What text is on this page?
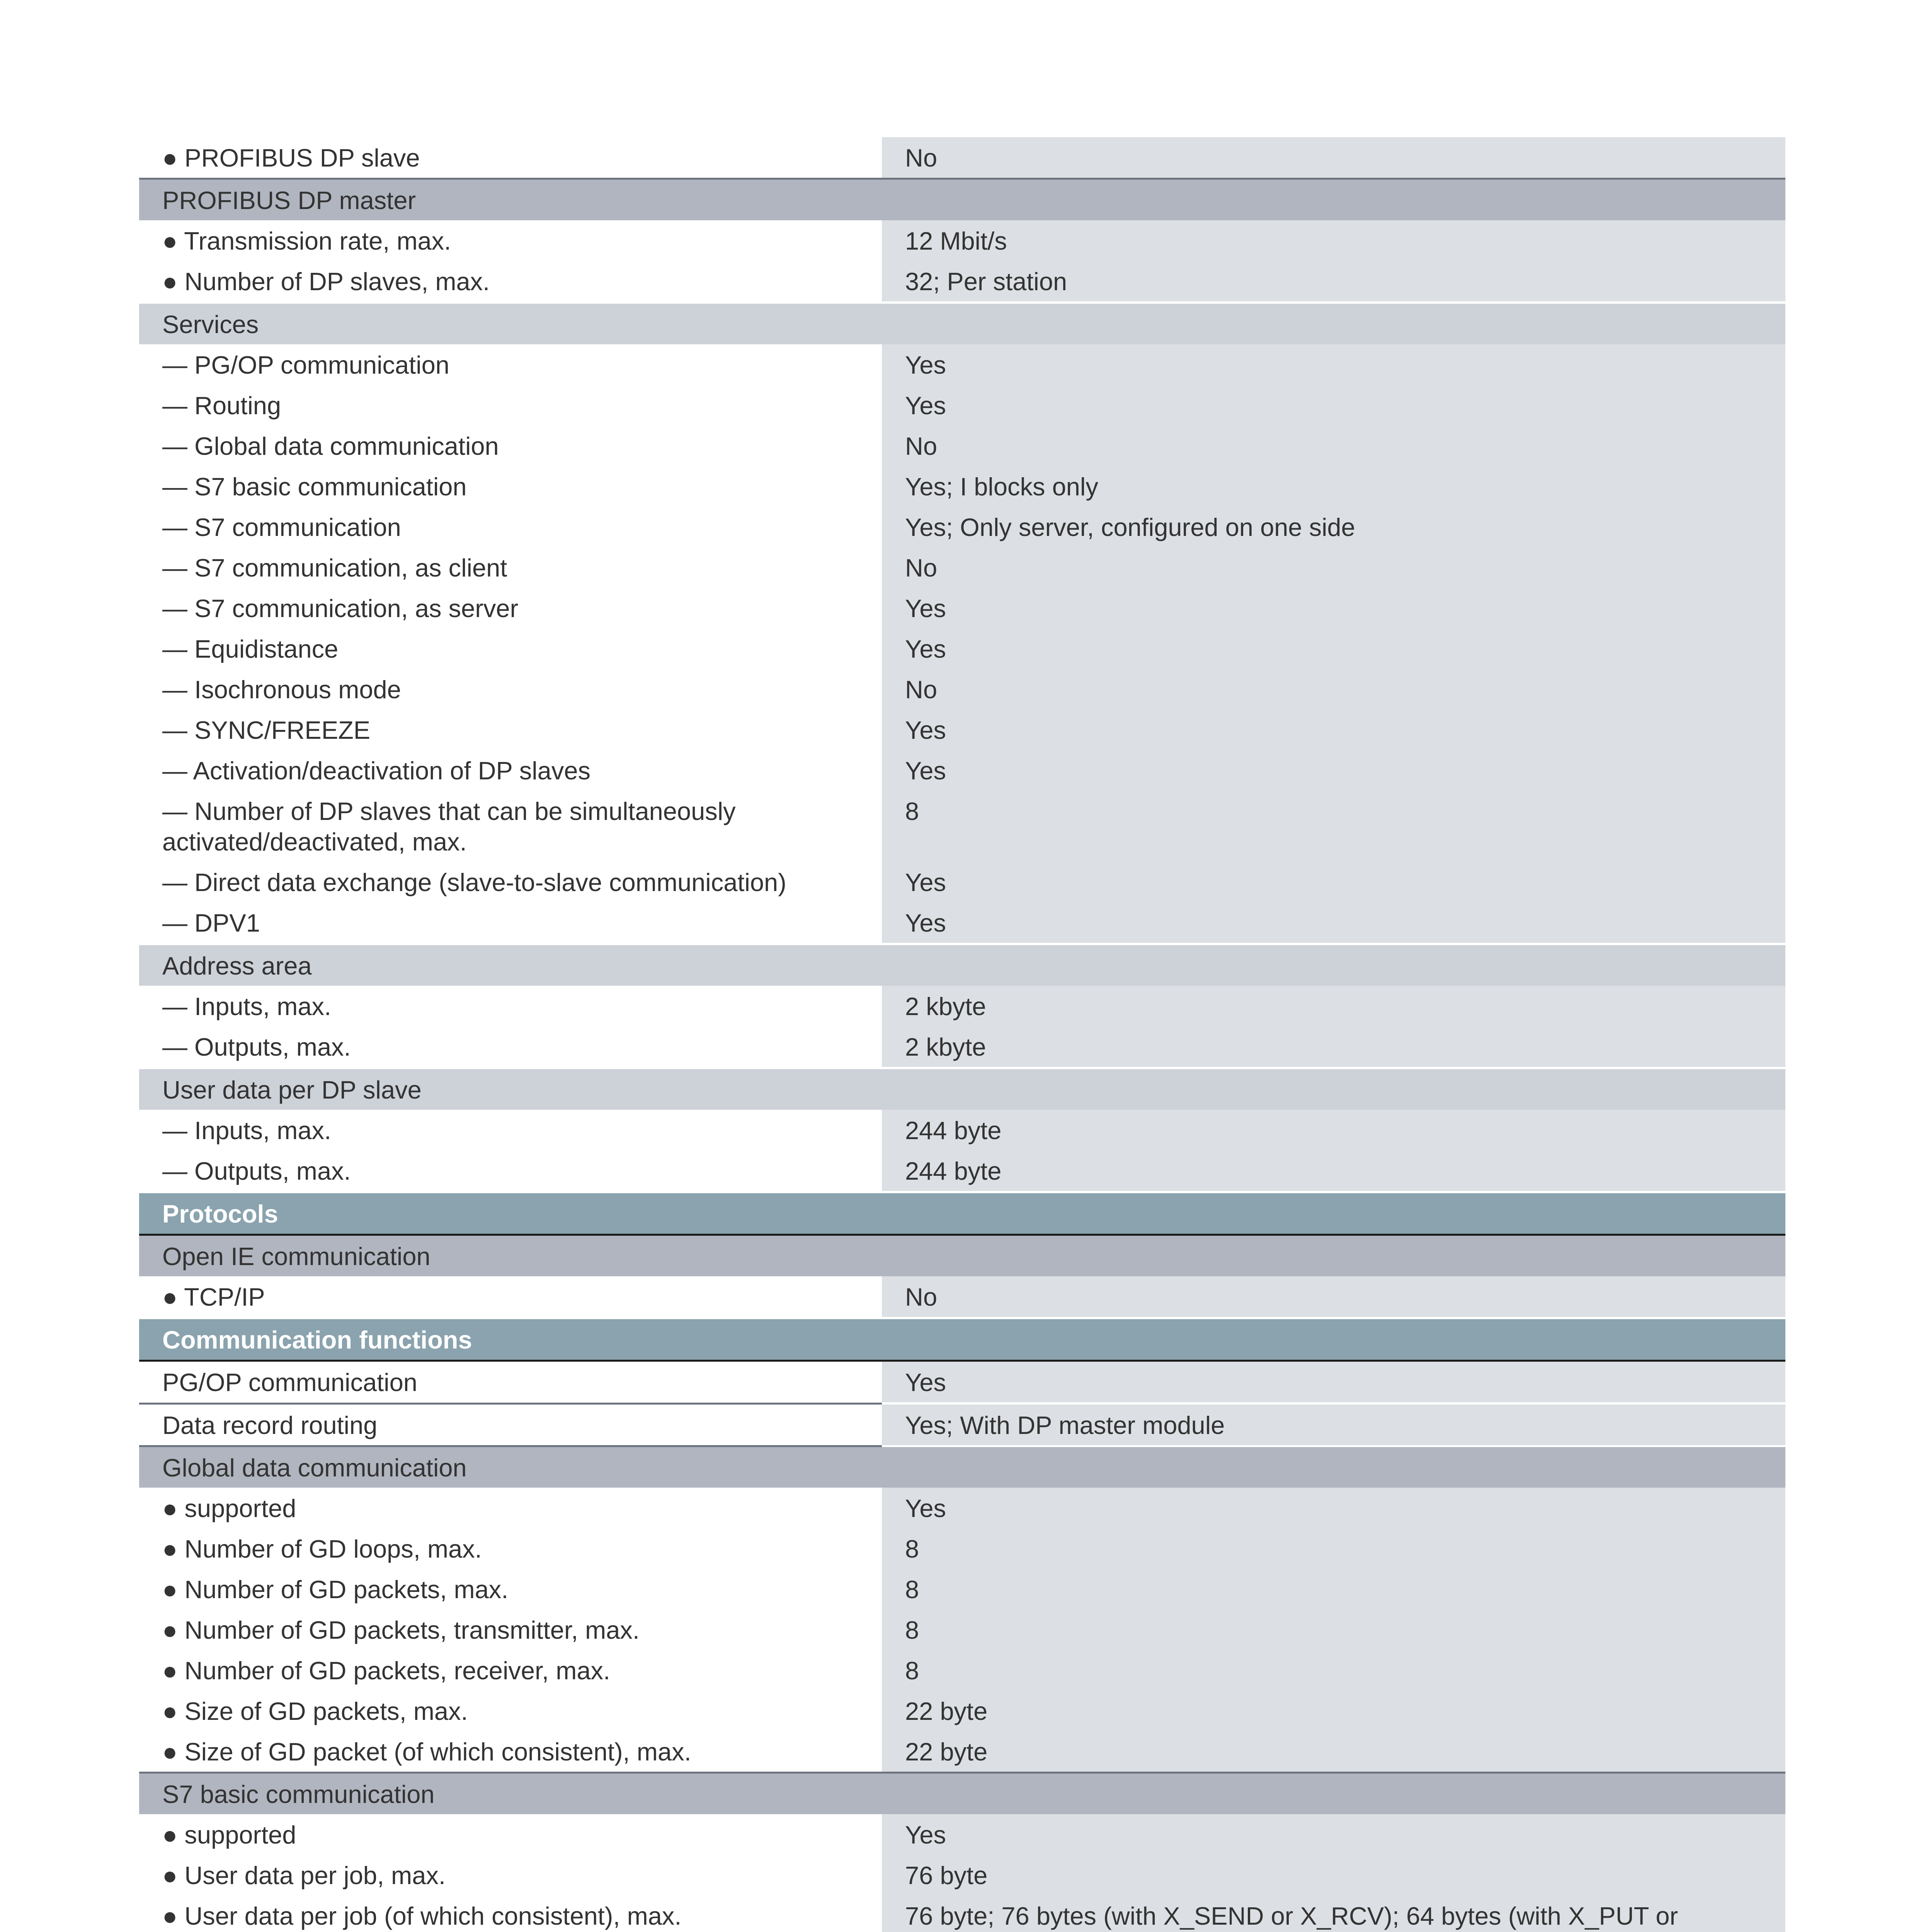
● PROFIBUS DP slave	No
PROFIBUS DP master	
● Transmission rate, max.	12 Mbit/s
● Number of DP slaves, max.	32; Per station
Services	
— PG/OP communication	Yes
— Routing	Yes
— Global data communication	No
— S7 basic communication	Yes; I blocks only
— S7 communication	Yes; Only server, configured on one side
— S7 communication, as client	No
— S7 communication, as server	Yes
— Equidistance	Yes
— Isochronous mode	No
— SYNC/FREEZE	Yes
— Activation/deactivation of DP slaves	Yes
— Number of DP slaves that can be simultaneously activated/deactivated, max.	8
— Direct data exchange (slave-to-slave communication)	Yes
— DPV1	Yes
Address area	
— Inputs, max.	2 kbyte
— Outputs, max.	2 kbyte
User data per DP slave	
— Inputs, max.	244 byte
— Outputs, max.	244 byte
Protocols	
Open IE communication	
● TCP/IP	No
Communication functions	
PG/OP communication	Yes
Data record routing	Yes; With DP master module
Global data communication	
● supported	Yes
● Number of GD loops, max.	8
● Number of GD packets, max.	8
● Number of GD packets, transmitter, max.	8
● Number of GD packets, receiver, max.	8
● Size of GD packets, max.	22 byte
● Size of GD packet (of which consistent), max.	22 byte
S7 basic communication	
● supported	Yes
● User data per job, max.	76 byte
● User data per job (of which consistent), max.	76 byte; 76 bytes (with X_SEND or X_RCV); 64 bytes (with X_PUT or
